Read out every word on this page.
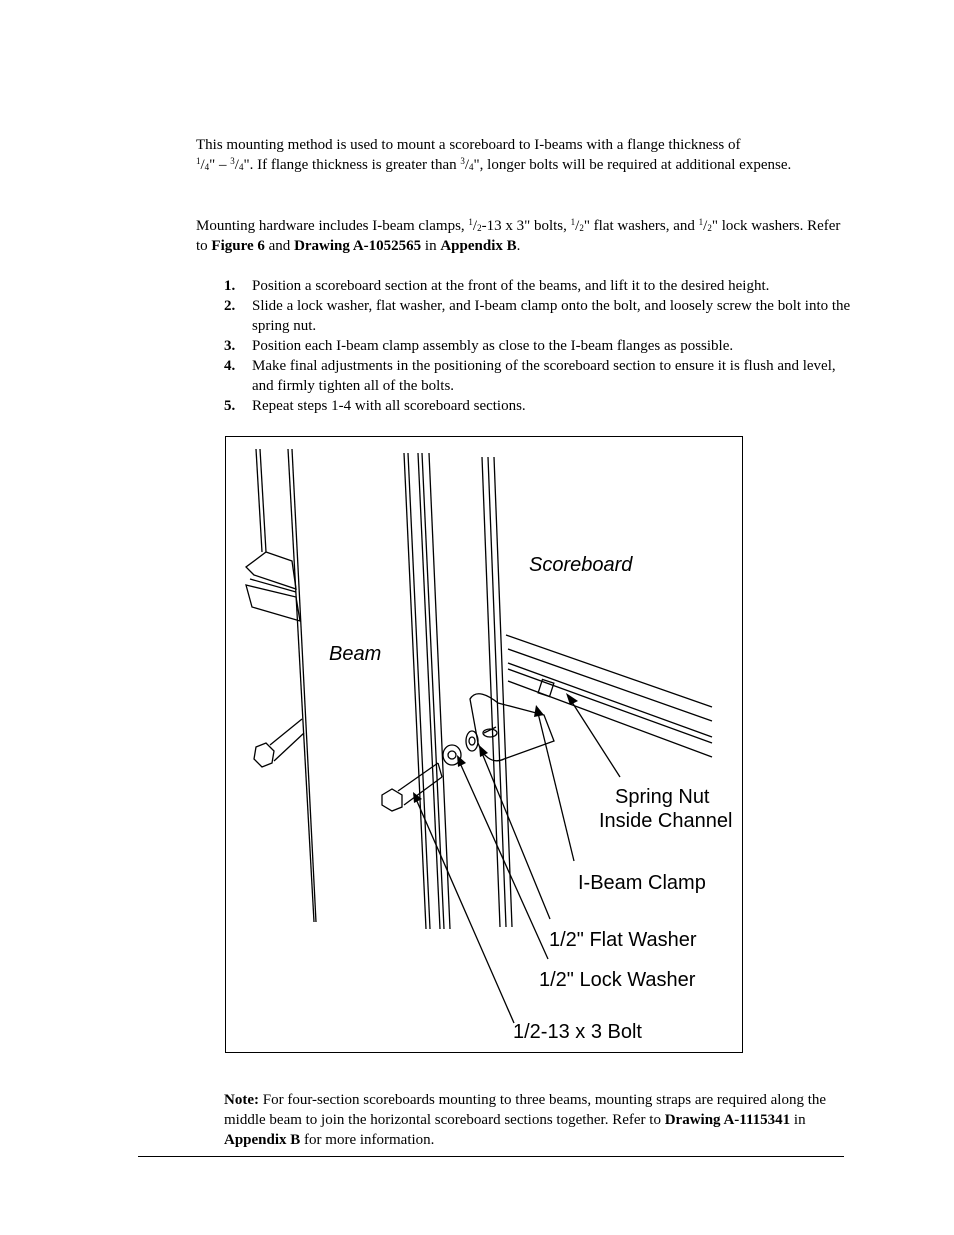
This mounting method is used to mount a scoreboard to I-beams with a flange thickness of
$^1/_4$" – $^3/_4$". If flange thickness is greater than $^3/_4$", longer bolts will be required at additional expense.
Mounting hardware includes I-beam clamps, $^1/_2-13$ x 3" bolts, $^1/_2$" flat washers, and $^1/_2$" lock washers. Refer to Figure 6 and Drawing A-1052565 in Appendix B.
1. Position a scoreboard section at the front of the beams, and lift it to the desired height.
2. Slide a lock washer, flat washer, and I-beam clamp onto the bolt, and loosely screw the bolt into the spring nut.
3. Position each I-beam clamp assembly as close to the I-beam flanges as possible.
4. Make final adjustments in the positioning of the scoreboard section to ensure it is flush and level, and firmly tighten all of the bolts.
5. Repeat steps 1-4 with all scoreboard sections.
Scoreboard
Beam
Spring Nut
Inside Channel
I-Beam Clamp
1/2" Flat Washer
1/2" Lock Washer
1/2-13 x 3 Bolt
Note: For four-section scoreboards mounting to three beams, mounting straps are required along the middle beam to join the horizontal scoreboard sections together. Refer to Drawing A-1115341 in Appendix B for more information.
